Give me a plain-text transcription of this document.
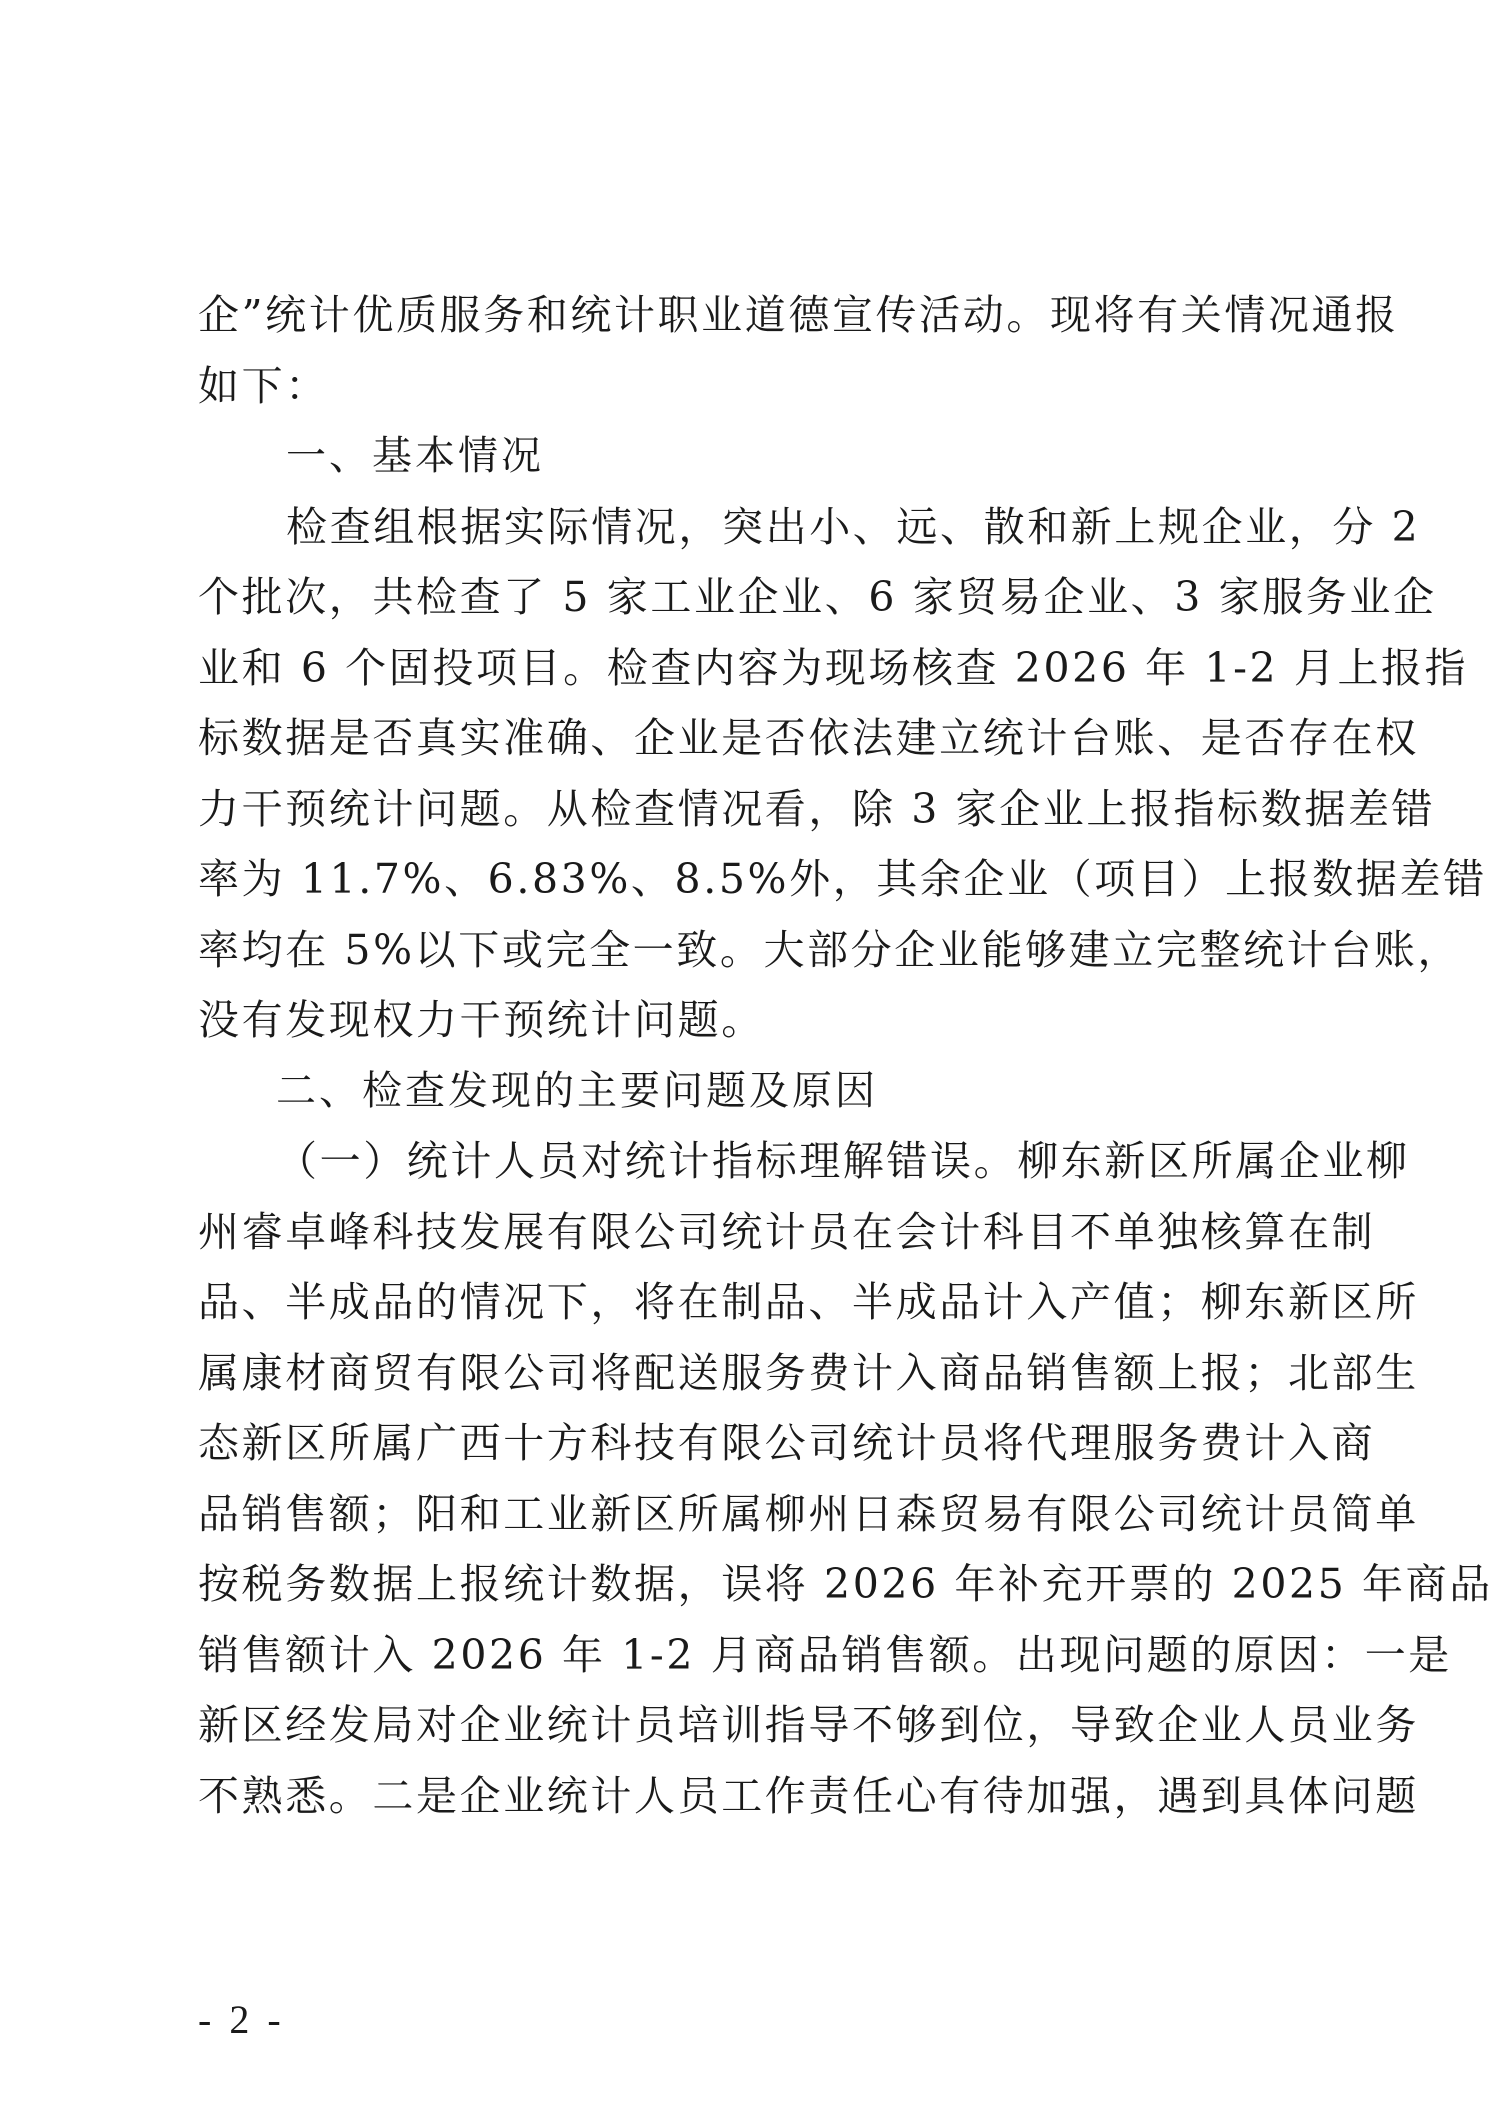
企”统计优质服务和统计职业道德宣传活动。现将有关情况通报
如下：
一、基本情况
检查组根据实际情况，突出小、远、散和新上规企业，分 2
个批次，共检查了 5 家工业企业、6 家贸易企业、3 家服务业企
业和 6 个固投项目。检查内容为现场核查 2026 年 1-2 月上报指
标数据是否真实准确、企业是否依法建立统计台账、是否存在权
力干预统计问题。从检查情况看，除 3 家企业上报指标数据差错
率为 11.7%、6.83%、8.5%外，其余企业（项目）上报数据差错
率均在 5%以下或完全一致。大部分企业能够建立完整统计台账，
没有发现权力干预统计问题。
二、检查发现的主要问题及原因
（一）统计人员对统计指标理解错误。柳东新区所属企业柳
州睿卓峰科技发展有限公司统计员在会计科目不单独核算在制
品、半成品的情况下，将在制品、半成品计入产值；柳东新区所
属康材商贸有限公司将配送服务费计入商品销售额上报；北部生
态新区所属广西十方科技有限公司统计员将代理服务费计入商
品销售额；阳和工业新区所属柳州日森贸易有限公司统计员简单
按税务数据上报统计数据，误将 2026 年补充开票的 2025 年商品
销售额计入 2026 年 1-2 月商品销售额。出现问题的原因：一是
新区经发局对企业统计员培训指导不够到位，导致企业人员业务
不熟悉。二是企业统计人员工作责任心有待加强，遇到具体问题
- 2 -
